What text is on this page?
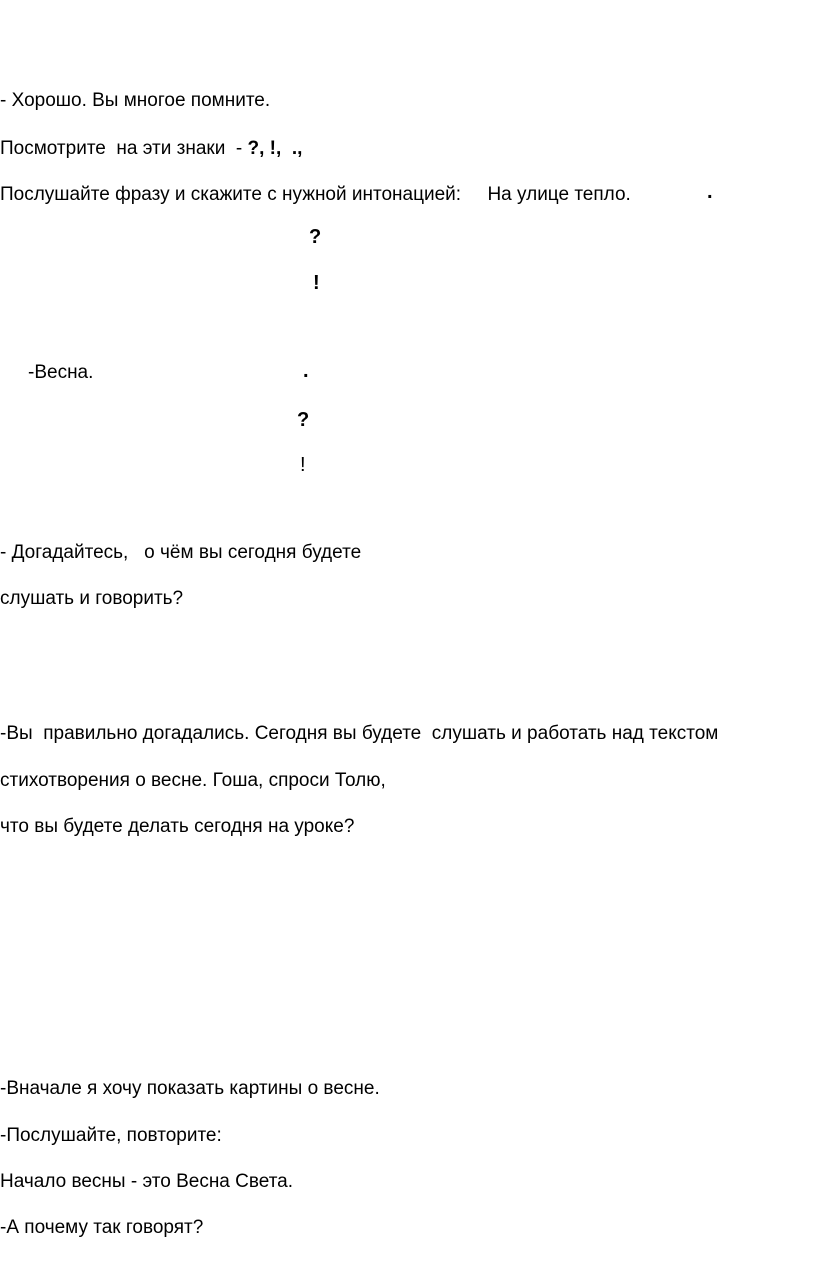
- Хорошо. Вы многое помните.
Посмотрите  на эти знаки  - ?, !,  .,
Послушайте фразу и скажите с нужной интонацией:     На улице тепло.	.
?
!
-Весна.	.
?
!
- Догадайтесь,   о чём вы сегодня будете
слушать и говорить?
-Вы  правильно догадались. Сегодня вы будете  слушать и работать над текстом
стихотворения о весне. Гоша, спроси Толю,
что вы будете делать сегодня на уроке?
-Вначале я хочу показать картины о весне.
-Послушайте, повторите:
Начало весны - это Весна Света.
-А почему так говорят?
